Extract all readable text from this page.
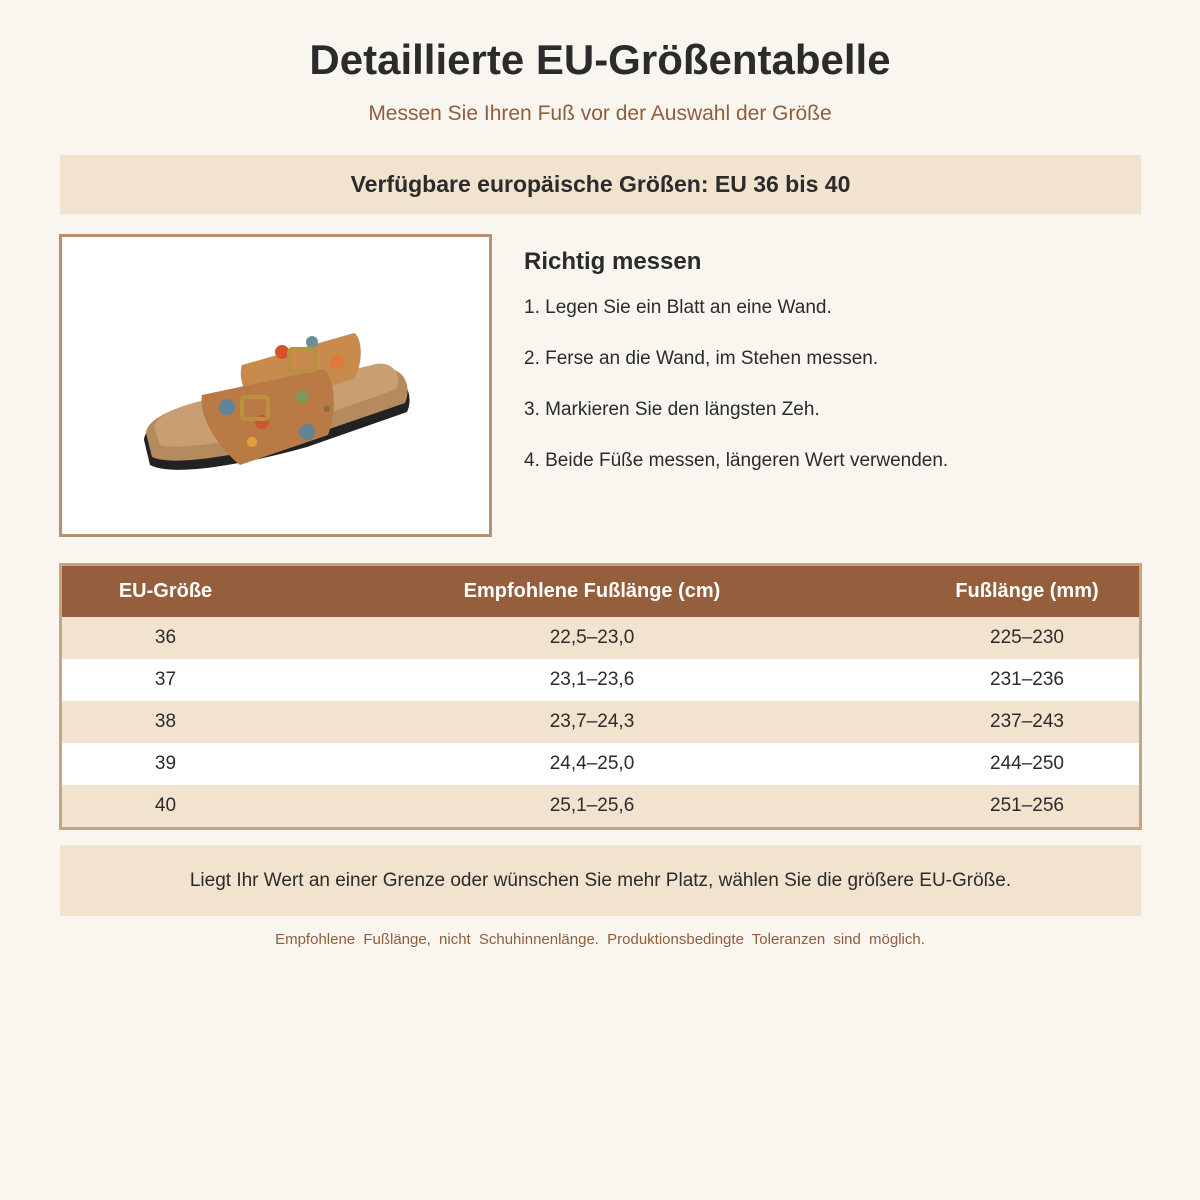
Detaillierte EU-Größentabelle
Messen Sie Ihren Fuß vor der Auswahl der Größe
Verfügbare europäische Größen: EU 36 bis 40
Richtig messen
1. Legen Sie ein Blatt an eine Wand.
2. Ferse an die Wand, im Stehen messen.
3. Markieren Sie den längsten Zeh.
4. Beide Füße messen, längeren Wert verwenden.
EU-Größe	Empfohlene Fußlänge (cm)	Fußlänge (mm)
36	22,5–23,0	225–230
37	23,1–23,6	231–236
38	23,7–24,3	237–243
39	24,4–25,0	244–250
40	25,1–25,6	251–256
Liegt Ihr Wert an einer Grenze oder wünschen Sie mehr Platz, wählen Sie die größere EU-Größe.
Empfohlene Fußlänge, nicht Schuhinnenlänge. Produktionsbedingte Toleranzen sind möglich.
